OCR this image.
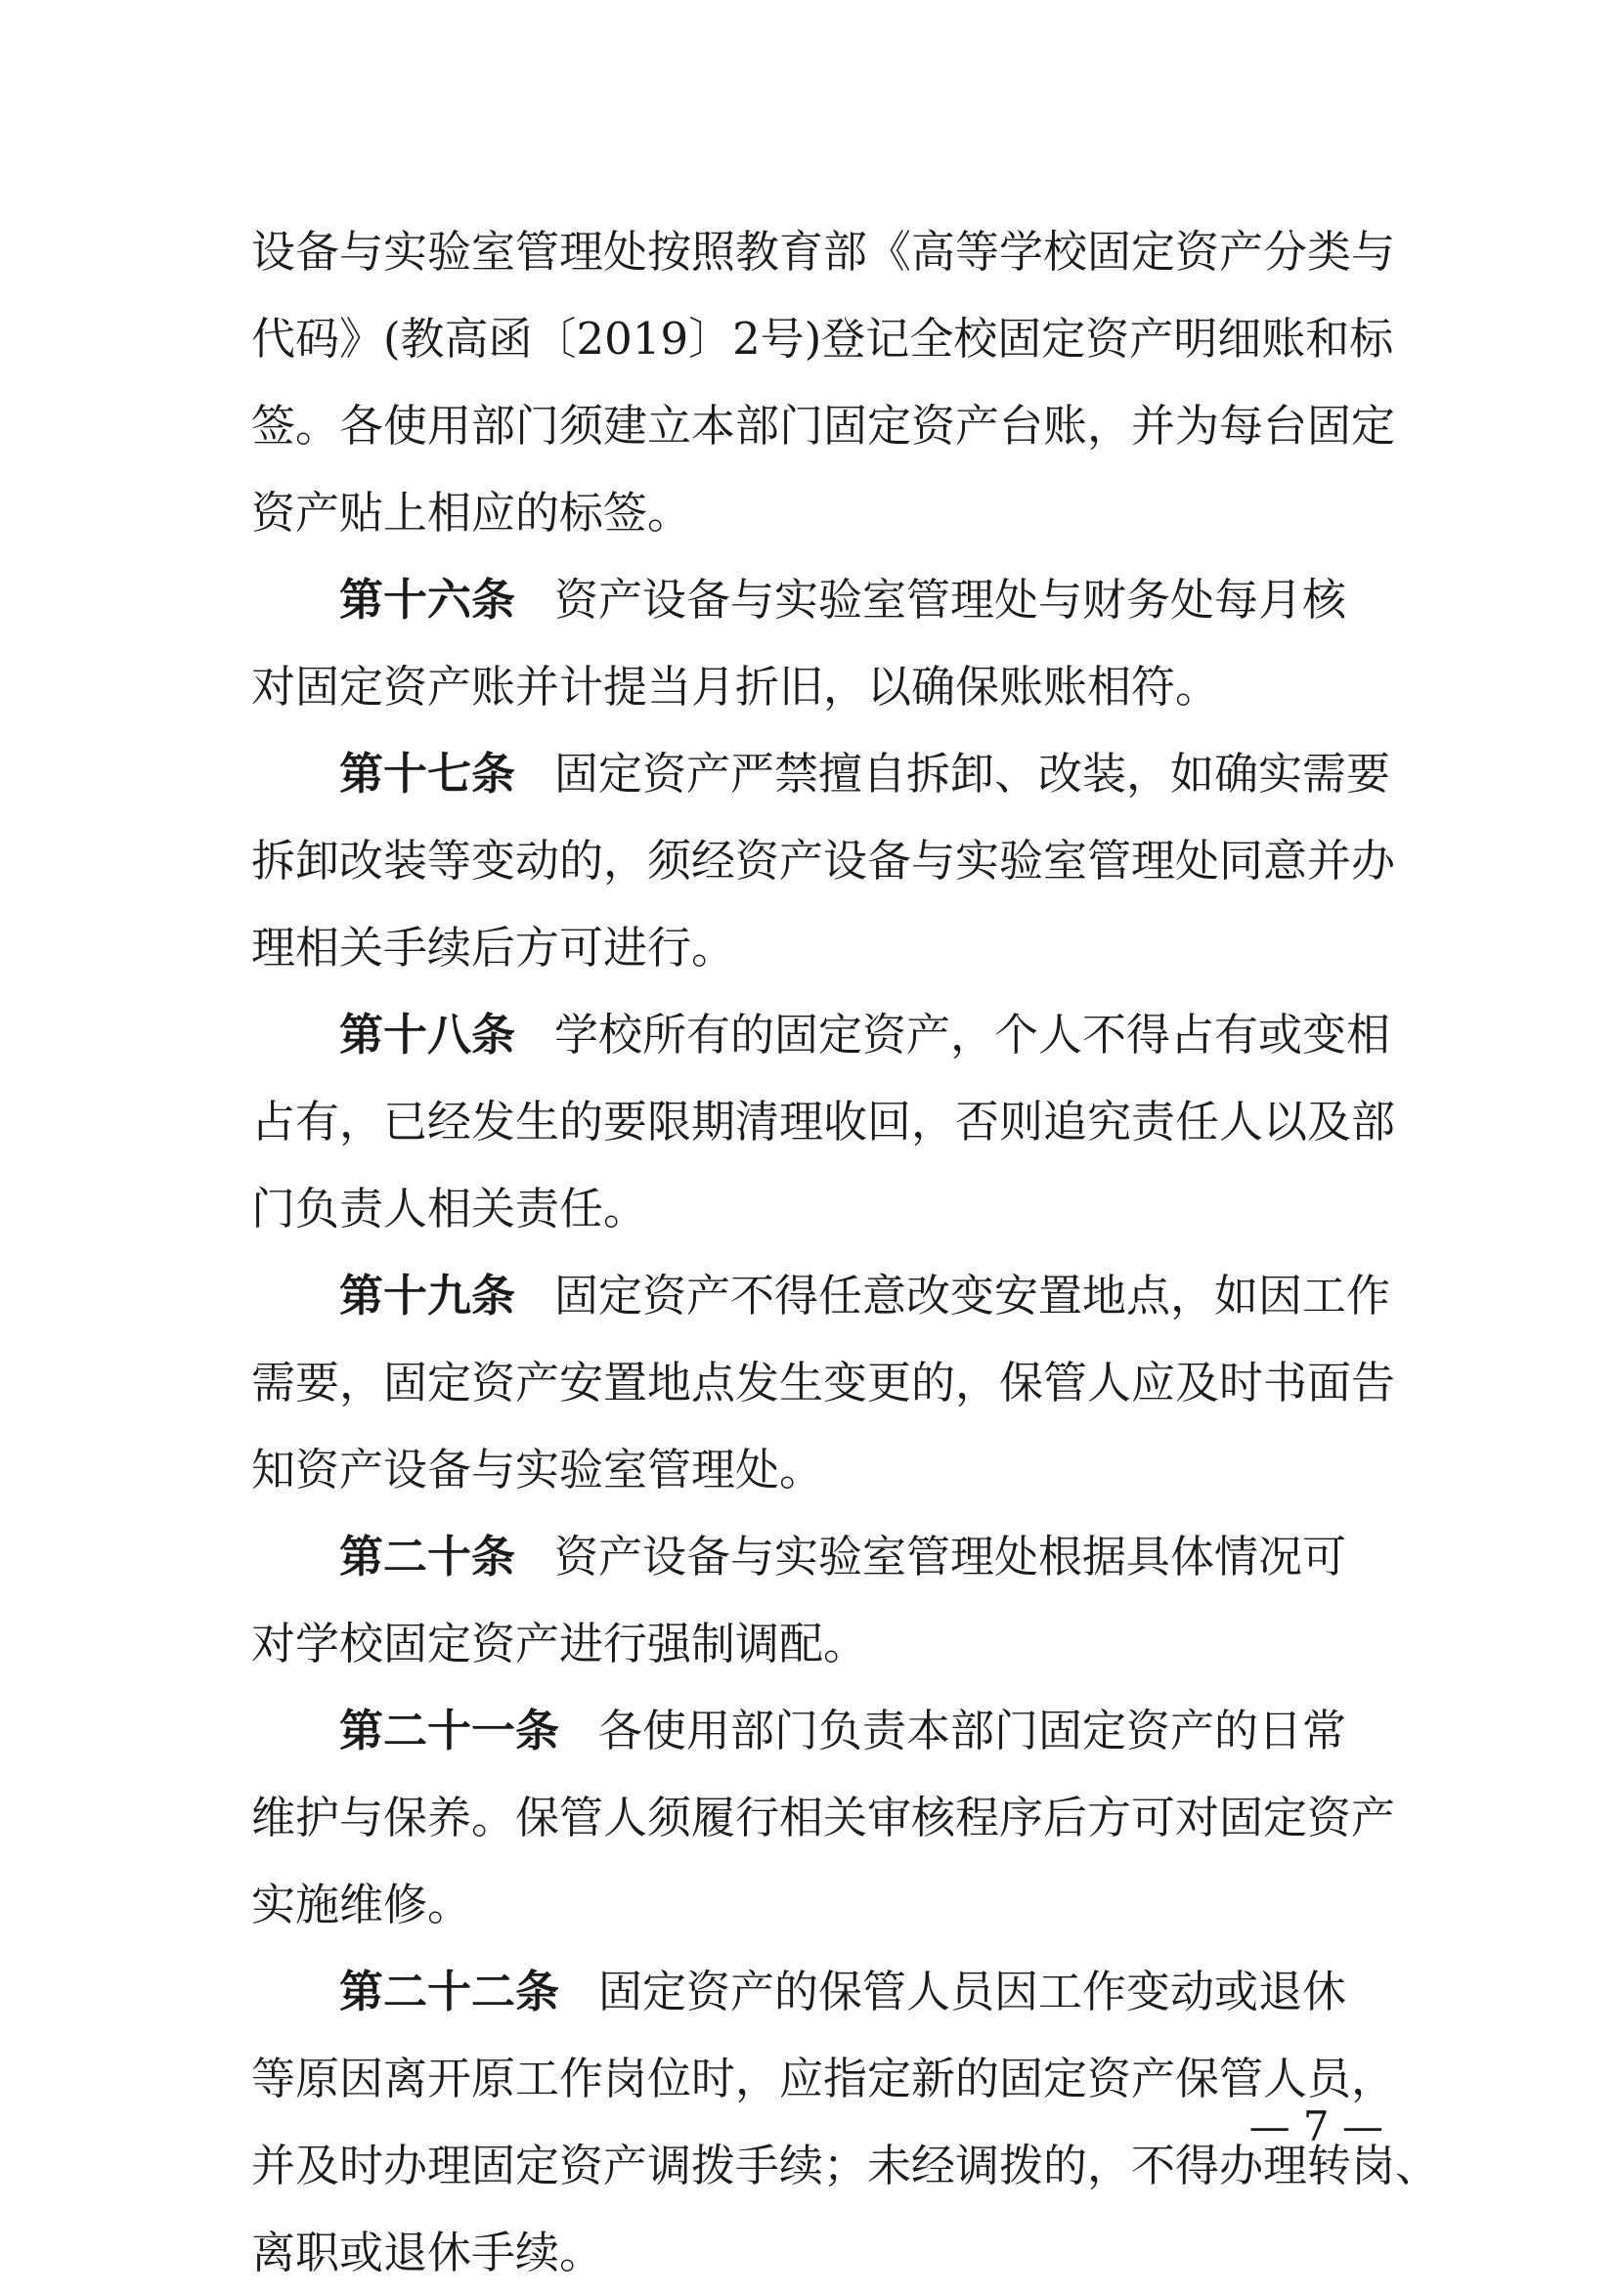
设备与实验室管理处按照教育部《高等学校固定资产分类与
代码》(教高函〔2019〕2号)登记全校固定资产明细账和标
签。各使用部门须建立本部门固定资产台账，并为每台固定
资产贴上相应的标签。
第十六条 资产设备与实验室管理处与财务处每月核
对固定资产账并计提当月折旧，以确保账账相符。
第十七条 固定资产严禁擅自拆卸、改装，如确实需要
拆卸改装等变动的，须经资产设备与实验室管理处同意并办
理相关手续后方可进行。
第十八条 学校所有的固定资产，个人不得占有或变相
占有，已经发生的要限期清理收回，否则追究责任人以及部
门负责人相关责任。
第十九条 固定资产不得任意改变安置地点，如因工作
需要，固定资产安置地点发生变更的，保管人应及时书面告
知资产设备与实验室管理处。
第二十条 资产设备与实验室管理处根据具体情况可
对学校固定资产进行强制调配。
第二十一条 各使用部门负责本部门固定资产的日常
维护与保养。保管人须履行相关审核程序后方可对固定资产
实施维修。
第二十二条 固定资产的保管人员因工作变动或退休
等原因离开原工作岗位时，应指定新的固定资产保管人员，
并及时办理固定资产调拨手续；未经调拨的，不得办理转岗、
离职或退休手续。
— 7 —
